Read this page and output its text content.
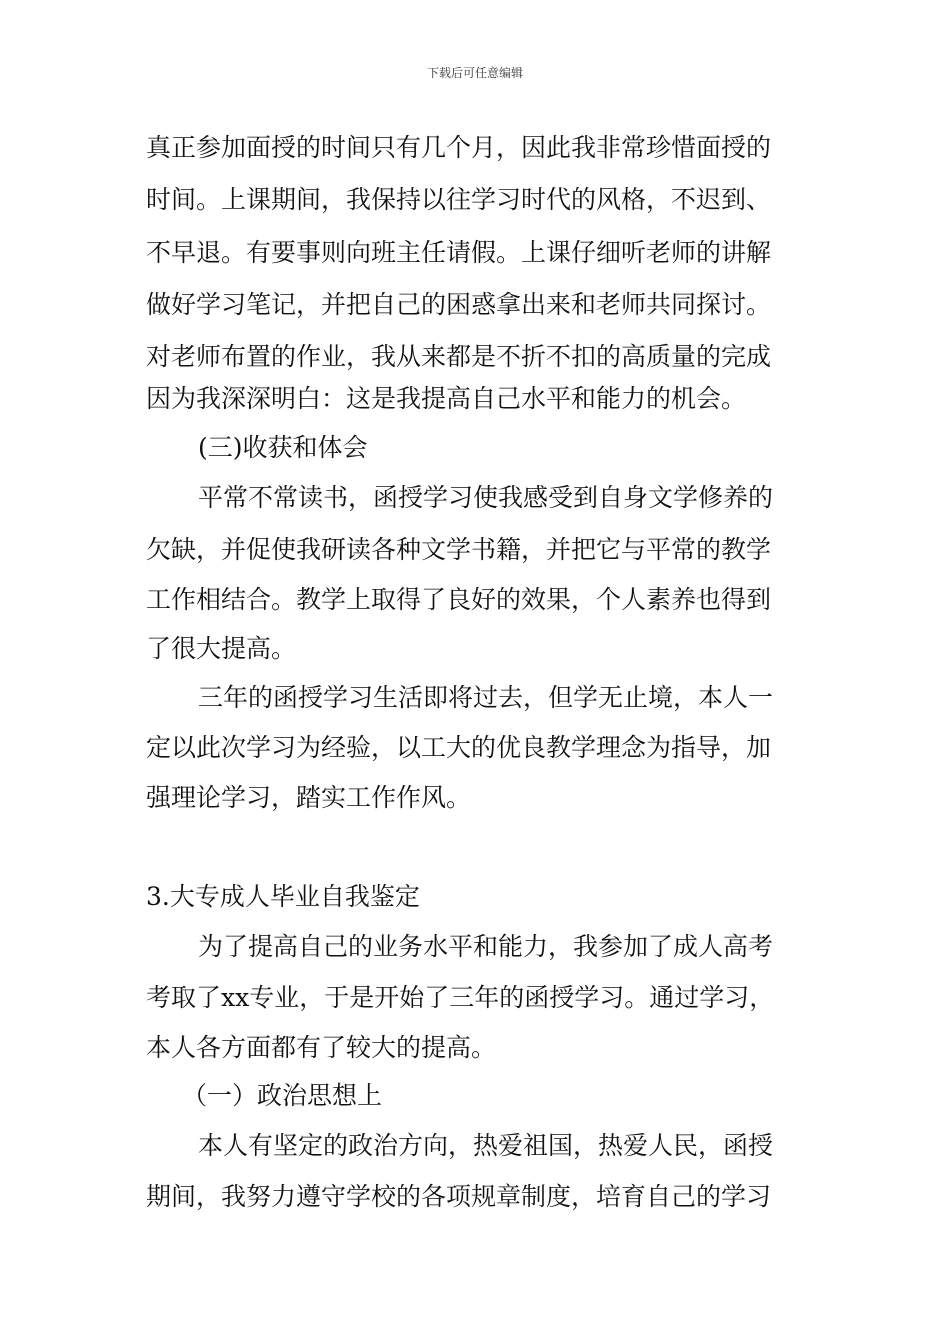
下载后可任意编辑
真正参加面授的时间只有几个月，因此我非常珍惜面授的
时间。上课期间，我保持以往学习时代的风格，不迟到、
不早退。有要事则向班主任请假。上课仔细听老师的讲解
做好学习笔记，并把自己的困惑拿出来和老师共同探讨。
对老师布置的作业，我从来都是不折不扣的高质量的完成
因为我深深明白：这是我提高自己水平和能力的机会。
(三)收获和体会
平常不常读书，函授学习使我感受到自身文学修养的
欠缺，并促使我研读各种文学书籍，并把它与平常的教学
工作相结合。教学上取得了良好的效果，个人素养也得到
了很大提高。
三年的函授学习生活即将过去，但学无止境，本人一
定以此次学习为经验，以工大的优良教学理念为指导，加
强理论学习，踏实工作作风。
3.大专成人毕业自我鉴定
为了提高自己的业务水平和能力，我参加了成人高考
考取了xx专业，于是开始了三年的函授学习。通过学习，
本人各方面都有了较大的提高。
（一）政治思想上
本人有坚定的政治方向，热爱祖国，热爱人民，函授
期间，我努力遵守学校的各项规章制度，培育自己的学习
